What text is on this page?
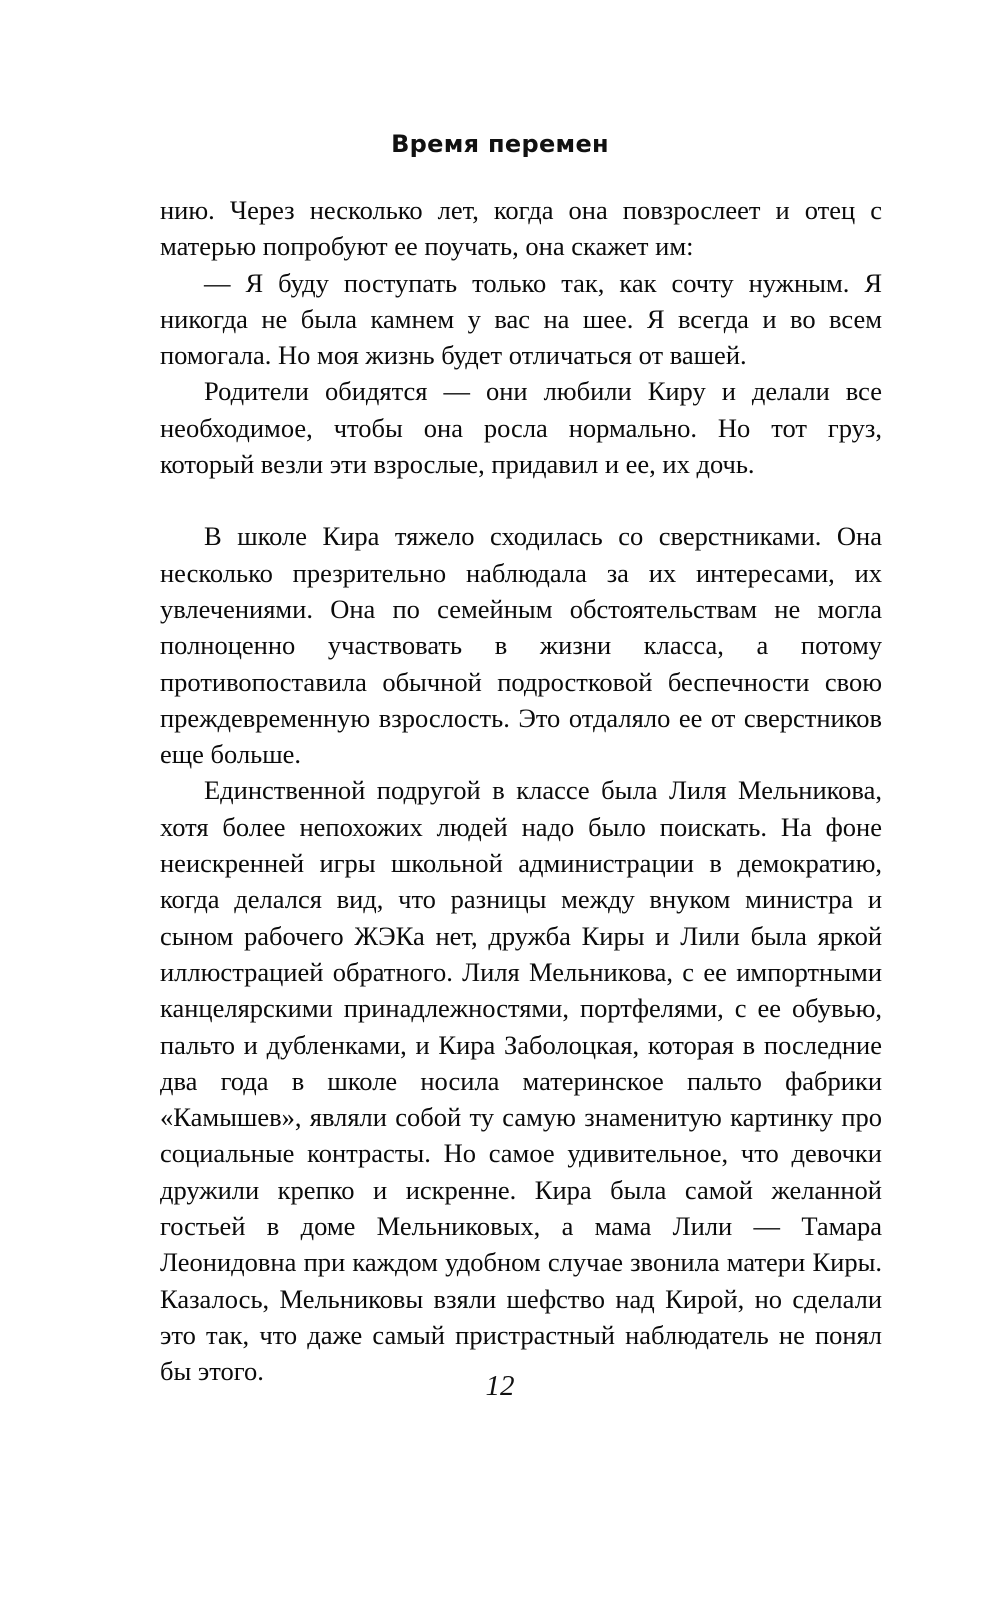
Время перемен

нию. Через несколько лет, когда она повзрослеет и отец с матерью попробуют ее поучать, она скажет им:

— Я буду поступать только так, как сочту нужным. Я никогда не была камнем у вас на шее. Я всегда и во всем помогала. Но моя жизнь будет отличаться от вашей.

Родители обидятся — они любили Киру и делали все необходимое, чтобы она росла нормально. Но тот груз, который везли эти взрослые, придавил и ее, их дочь.

В школе Кира тяжело сходилась со сверстниками. Она несколько презрительно наблюдала за их интересами, их увлечениями. Она по семейным обстоятельствам не могла полноценно участвовать в жизни класса, а потому противопоставила обычной подростковой беспечности свою преждевременную взрослость. Это отдаляло ее от сверстников еще больше.

Единственной подругой в классе была Лиля Мельникова, хотя более непохожих людей надо было поискать. На фоне неискренней игры школьной администрации в демократию, когда делался вид, что разницы между внуком министра и сыном рабочего ЖЭКа нет, дружба Киры и Лили была яркой иллюстрацией обратного. Лиля Мельникова, с ее импортными канцелярскими принадлежностями, портфелями, с ее обувью, пальто и дубленками, и Кира Заболоцкая, которая в последние два года в школе носила материнское пальто фабрики «Камышев», являли собой ту самую знаменитую картинку про социальные контрасты. Но самое удивительное, что девочки дружили крепко и искренне. Кира была самой желанной гостьей в доме Мельниковых, а мама Лили — Тамара Леонидовна при каждом удобном случае звонила матери Киры. Казалось, Мельниковы взяли шефство над Кирой, но сделали это так, что даже самый пристрастный наблюдатель не понял бы этого.	12
